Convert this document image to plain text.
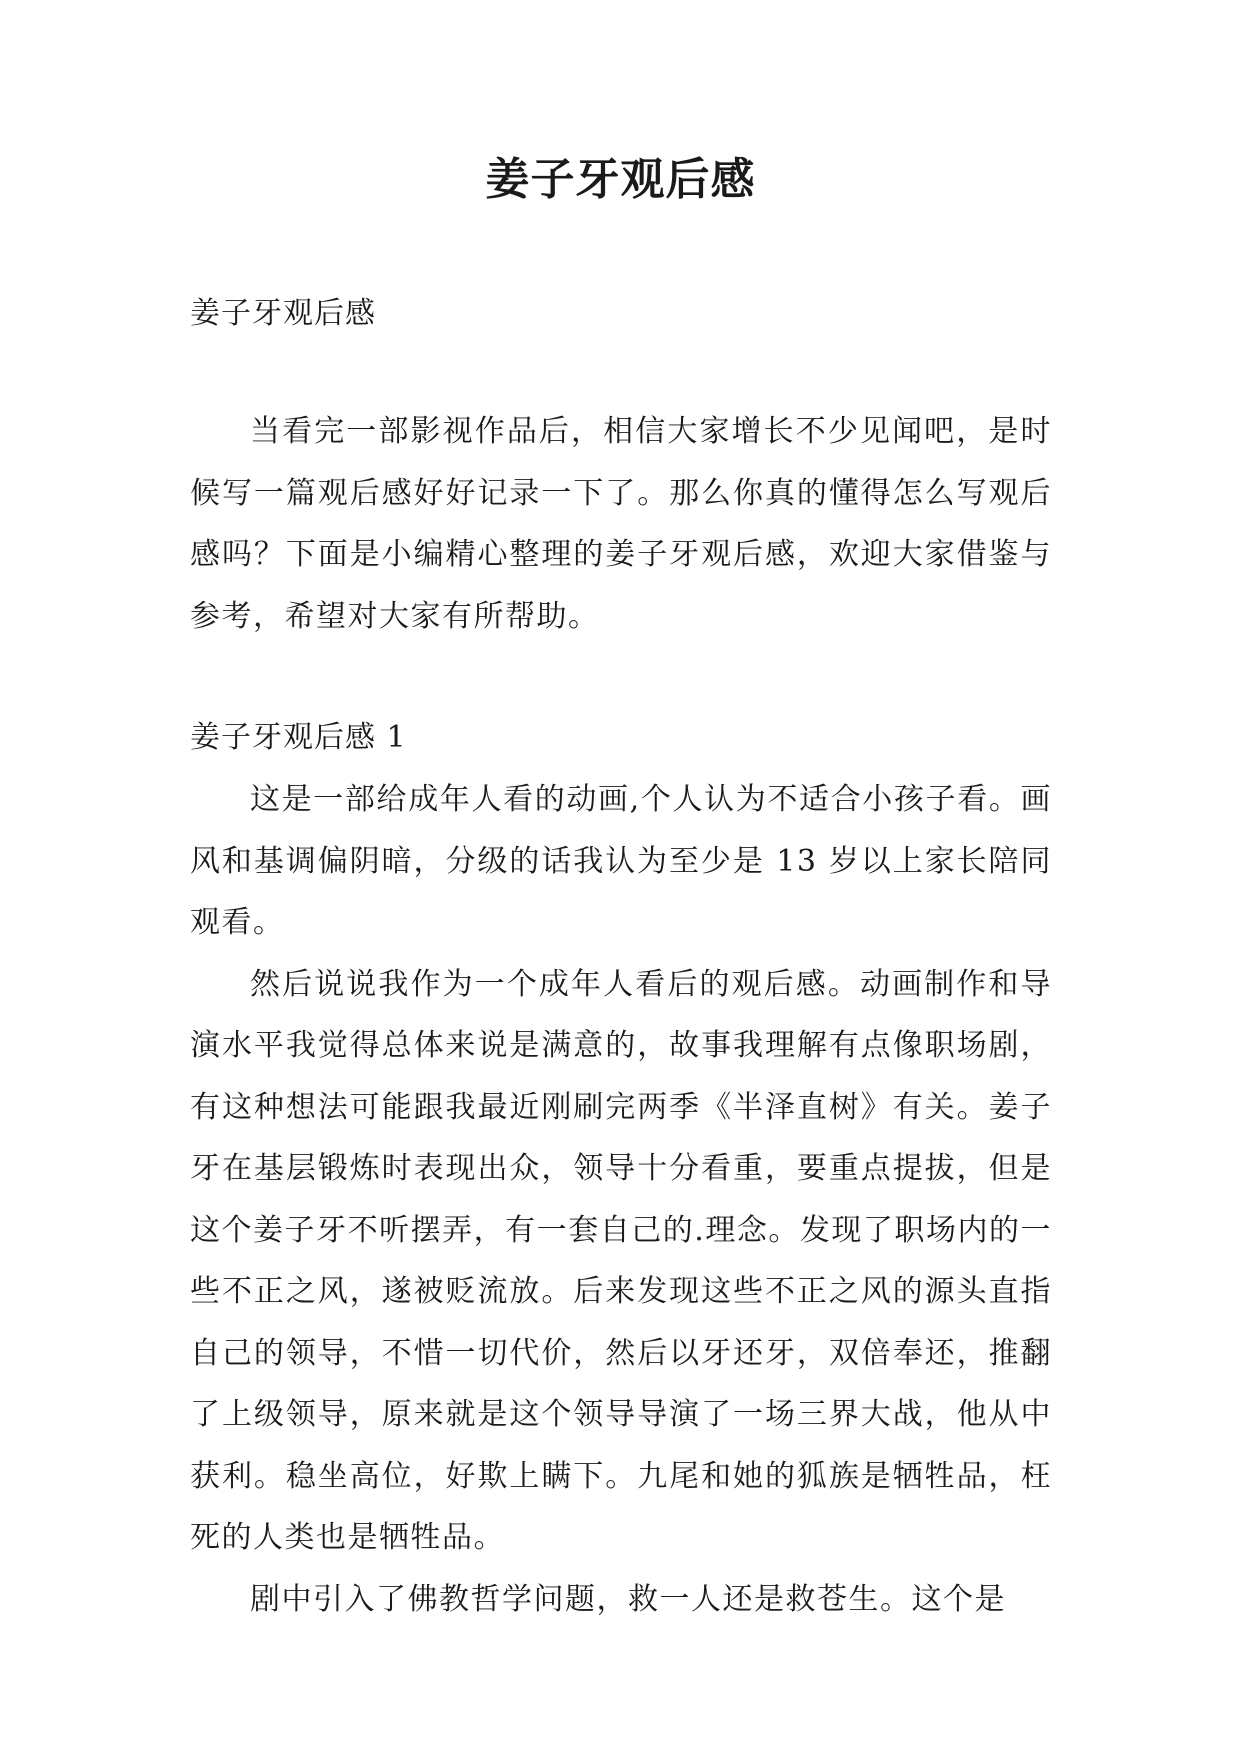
姜子牙观后感

姜子牙观后感

当看完一部影视作品后，相信大家增长不少见闻吧，是时候写一篇观后感好好记录一下了。那么你真的懂得怎么写观后感吗？下面是小编精心整理的姜子牙观后感，欢迎大家借鉴与参考，希望对大家有所帮助。

姜子牙观后感 1

这是一部给成年人看的动画,个人认为不适合小孩子看。画风和基调偏阴暗，分级的话我认为至少是 13 岁以上家长陪同观看。

然后说说我作为一个成年人看后的观后感。动画制作和导演水平我觉得总体来说是满意的，故事我理解有点像职场剧，有这种想法可能跟我最近刚刷完两季《半泽直树》有关。姜子牙在基层锻炼时表现出众，领导十分看重，要重点提拔，但是这个姜子牙不听摆弄，有一套自己的.理念。发现了职场内的一些不正之风，遂被贬流放。后来发现这些不正之风的源头直指自己的领导，不惜一切代价，然后以牙还牙，双倍奉还，推翻了上级领导，原来就是这个领导导演了一场三界大战，他从中获利。稳坐高位，好欺上瞒下。九尾和她的狐族是牺牲品，枉死的人类也是牺牲品。

剧中引入了佛教哲学问题，救一人还是救苍生。这个是
